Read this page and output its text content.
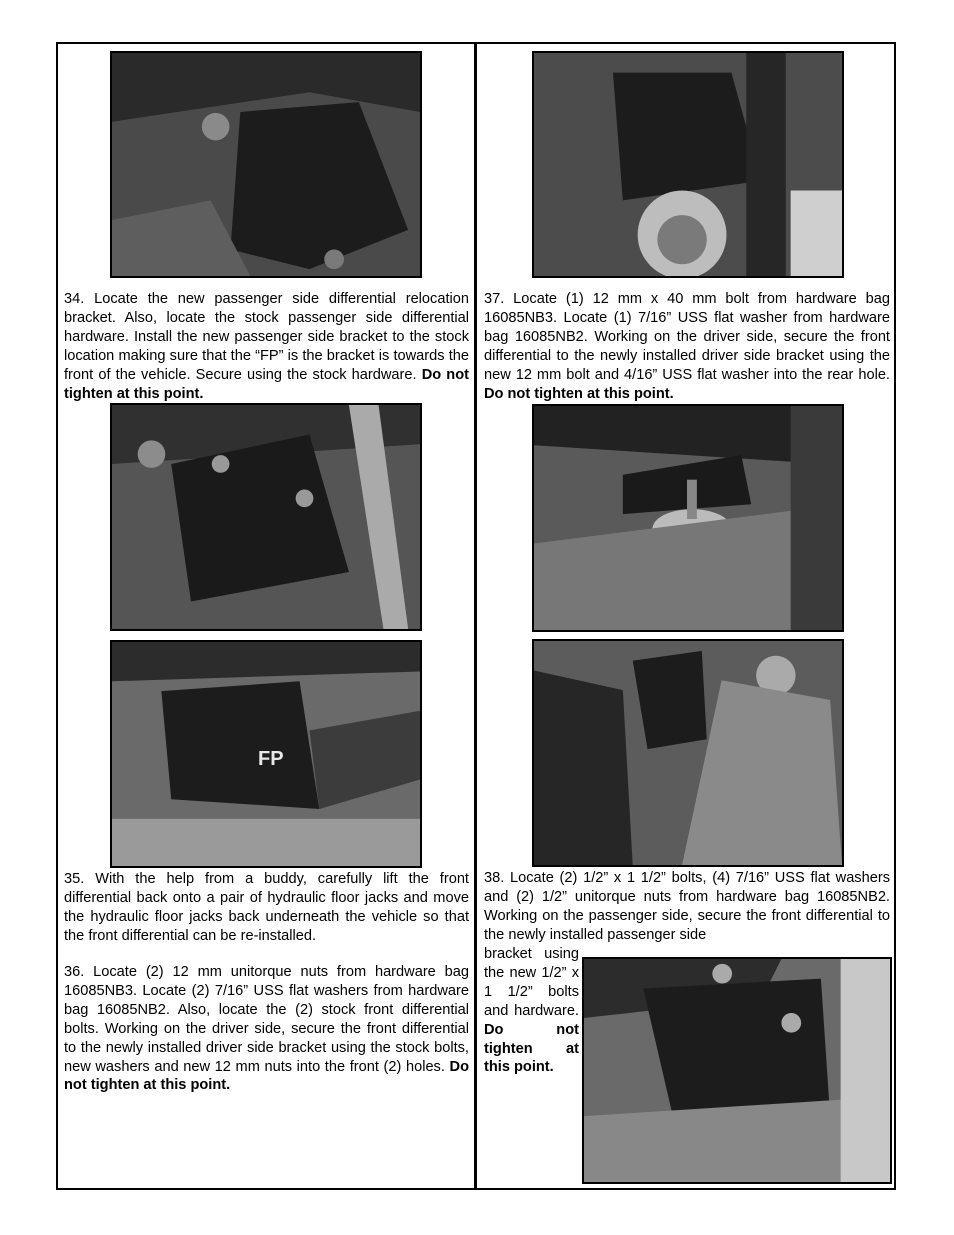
34. Locate the new passenger side differential relocation bracket. Also, locate the stock passenger side differential hardware. Install the new passenger side bracket to the stock location making sure that the “FP” is the bracket is towards the front of the vehicle. Secure using the stock hardware. Do not tighten at this point.

FP

35. With the help from a buddy, carefully lift the front differential back onto a pair of hydraulic floor jacks and move the hydraulic floor jacks back underneath the vehicle so that the front differential can be re-installed.

36. Locate (2) 12 mm unitorque nuts from hardware bag 16085NB3. Locate (2) 7/16” USS flat washers from hardware bag 16085NB2. Also, locate the (2) stock front differential bolts. Working on the driver side, secure the front differential to the newly installed driver side bracket using the stock bolts, new washers and new 12 mm nuts into the front (2) holes. Do not tighten at this point.

37. Locate (1) 12 mm x 40 mm bolt from hardware bag 16085NB3. Locate (1) 7/16” USS flat washer from hardware bag 16085NB2. Working on the driver side, secure the front differential to the newly installed driver side bracket using the new 12 mm bolt and 4/16” USS flat washer into the rear hole. Do not tighten at this point.

38. Locate (2) 1/2” x 1 1/2” bolts, (4) 7/16” USS flat washers and (2) 1/2” unitorque nuts from hardware bag 16085NB2. Working on the passenger side, secure the front differential to the newly installed passenger side

bracket using the new 1/2” x 1 1/2” bolts and hardware. Do not tighten at this point.
